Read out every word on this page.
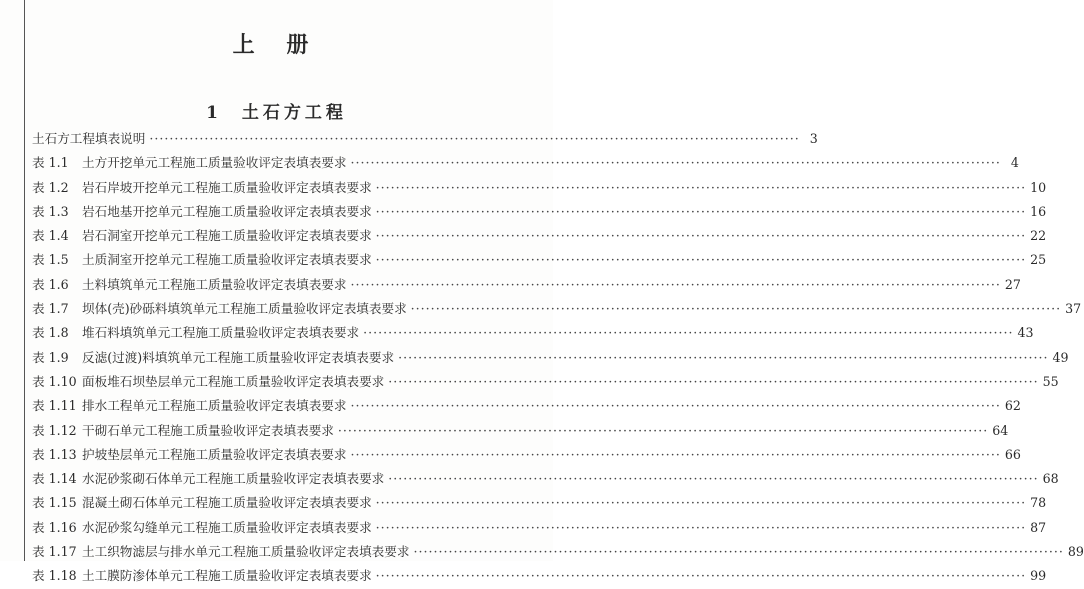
上 册
1 土石方工程
土石方工程填表说明 ·····	3
表 1.1	土方开挖单元工程施工质量验收评定表填表要求 ·····	4
表 1.2	岩石岸坡开挖单元工程施工质量验收评定表填表要求 ·····	10
表 1.3	岩石地基开挖单元工程施工质量验收评定表填表要求 ·····	16
表 1.4	岩石洞室开挖单元工程施工质量验收评定表填表要求 ·····	22
表 1.5	土质洞室开挖单元工程施工质量验收评定表填表要求 ·····	25
表 1.6	土料填筑单元工程施工质量验收评定表填表要求 ·····	27
表 1.7	坝体(壳)砂砾料填筑单元工程施工质量验收评定表填表要求 ·····	37
表 1.8	堆石料填筑单元工程施工质量验收评定表填表要求 ·····	43
表 1.9	反滤(过渡)料填筑单元工程施工质量验收评定表填表要求 ·····	49
表 1.10 面板堆石坝垫层单元工程施工质量验收评定表填表要求 ·····	55
表 1.11 排水工程单元工程施工质量验收评定表填表要求 ·····	62
表 1.12 干砌石单元工程施工质量验收评定表填表要求 ·····	64
表 1.13 护坡垫层单元工程施工质量验收评定表填表要求 ·····	66
表 1.14 水泥砂浆砌石体单元工程施工质量验收评定表填表要求 ·····	68
表 1.15 混凝土砌石体单元工程施工质量验收评定表填表要求 ·····	78
表 1.16 水泥砂浆勾缝单元工程施工质量验收评定表填表要求 ·····	87
表 1.17 土工织物滤层与排水单元工程施工质量验收评定表填表要求 ·····	89
表 1.18 土工膜防渗体单元工程施工质量验收评定表填表要求 ·····	99
